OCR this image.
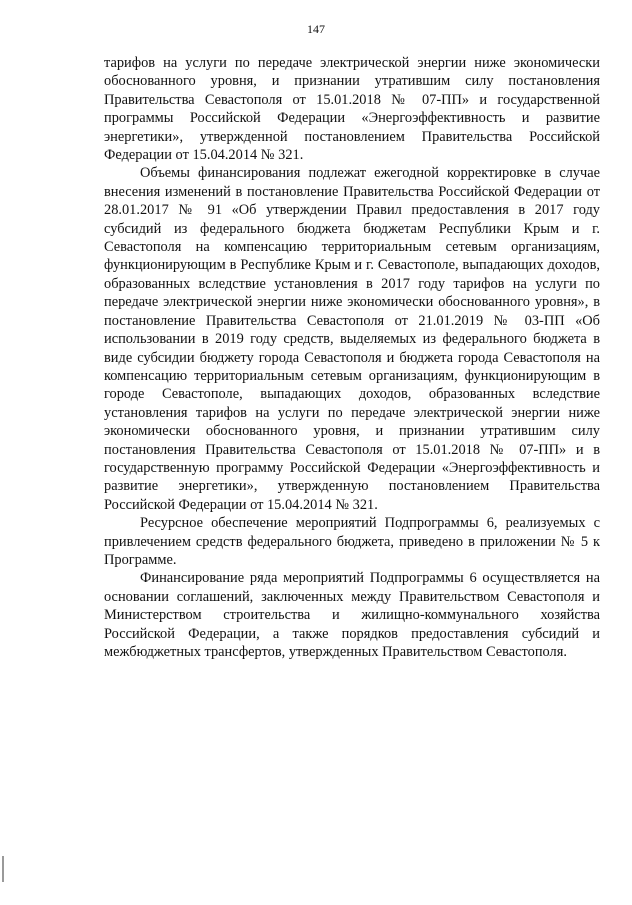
147

тарифов на услуги по передаче электрической энергии ниже экономически обоснованного уровня, и признании утратившим силу постановления Правительства Севастополя от 15.01.2018 № 07-ПП» и государственной программы Российской Федерации «Энергоэффективность и развитие энергетики», утвержденной постановлением Правительства Российской Федерации от 15.04.2014 № 321.

Объемы финансирования подлежат ежегодной корректировке в случае внесения изменений в постановление Правительства Российской Федерации от 28.01.2017 № 91 «Об утверждении Правил предоставления в 2017 году субсидий из федерального бюджета бюджетам Республики Крым и г. Севастополя на компенсацию территориальным сетевым организациям, функционирующим в Республике Крым и г. Севастополе, выпадающих доходов, образованных вследствие установления в 2017 году тарифов на услуги по передаче электрической энергии ниже экономически обоснованного уровня», в постановление Правительства Севастополя от 21.01.2019 № 03-ПП «Об использовании в 2019 году средств, выделяемых из федерального бюджета в виде субсидии бюджету города Севастополя и бюджета города Севастополя на компенсацию территориальным сетевым организациям, функционирующим в городе Севастополе, выпадающих доходов, образованных вследствие установления тарифов на услуги по передаче электрической энергии ниже экономически обоснованного уровня, и признании утратившим силу постановления Правительства Севастополя от 15.01.2018 № 07-ПП» и в государственную программу Российской Федерации «Энергоэффективность и развитие энергетики», утвержденную постановлением Правительства Российской Федерации от 15.04.2014 № 321.

Ресурсное обеспечение мероприятий Подпрограммы 6, реализуемых с привлечением средств федерального бюджета, приведено в приложении № 5 к Программе.

Финансирование ряда мероприятий Подпрограммы 6 осуществляется на основании соглашений, заключенных между Правительством Севастополя и Министерством строительства и жилищно-коммунального хозяйства Российской Федерации, а также порядков предоставления субсидий и межбюджетных трансфертов, утвержденных Правительством Севастополя.
